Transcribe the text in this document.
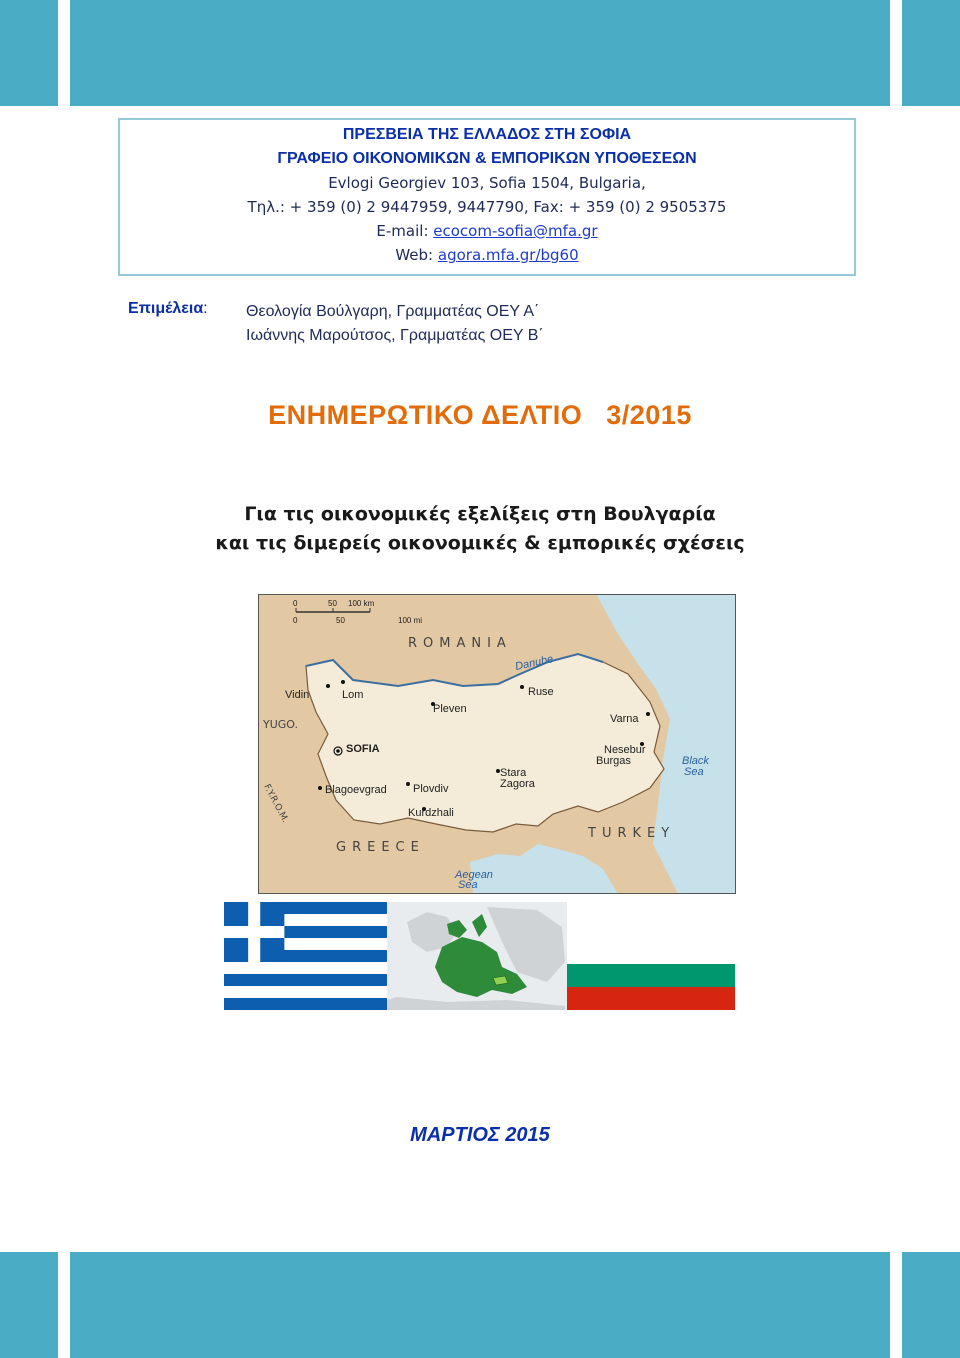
ΠΡΕΣΒΕΙΑ ΤΗΣ ΕΛΛΑΔΟΣ ΣΤΗ ΣΟΦΙΑ
ΓΡΑΦΕΙΟ ΟΙΚΟΝΟΜΙΚΩΝ & ΕΜΠΟΡΙΚΩΝ ΥΠΟΘΕΣΕΩΝ
Evlogi Georgiev 103, Sofia 1504, Bulgaria,
Τηλ.: + 359 (0) 2 9447959, 9447790, Fax: + 359 (0) 2 9505375
E-mail: ecocom-sofia@mfa.gr
Web: agora.mfa.gr/bg60
Επιμέλεια: Θεολογία Βούλγαρη, Γραμματέας ΟΕΥ Α΄
Ιωάννης Μαρούτσος, Γραμματέας ΟΕΥ Β΄
ΕΝΗΜΕΡΩΤΙΚΟ ΔΕΛΤΙΟ   3/2015
Για τις οικονομικές εξελίξεις στη Βουλγαρία
και τις διμερείς οικονομικές & εμπορικές σχέσεις
0	50 100 km
0	50	100 mi
ROMANIA
TURKEY
GREECE
YUGO.
F.Y.R.O.M.
Danube
Black
Sea
Aegean
Sea
Vidin	Lom	Ruse
Pleven
Varna
SOFIA	Nesebur
Burgas
Stara
Zagora
Blagoevgrad Plovdiv
Kurdzhali
ΜΑΡΤΙΟΣ 2015
